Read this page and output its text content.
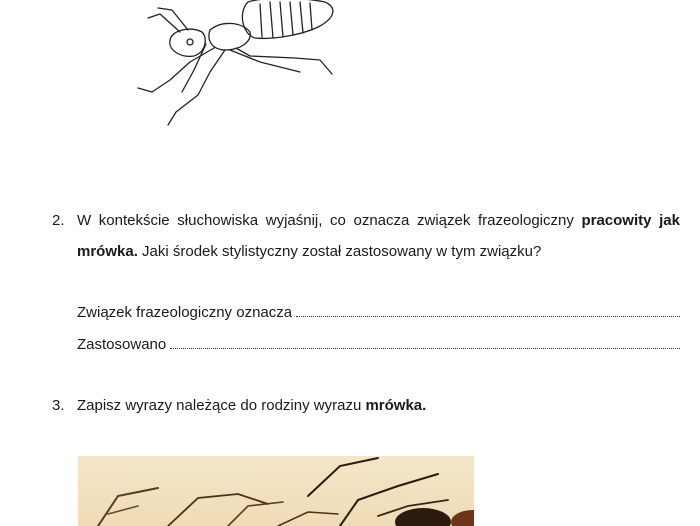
2. W kontekście słuchowiska wyjaśnij, co oznacza związek frazeologiczny pracowity jak
mrówka. Jaki środek stylistyczny został zastosowany w tym związku?
Związek frazeologiczny oznacza
Zastosowano
3. Zapisz wyrazy należące do rodziny wyrazu mrówka.
